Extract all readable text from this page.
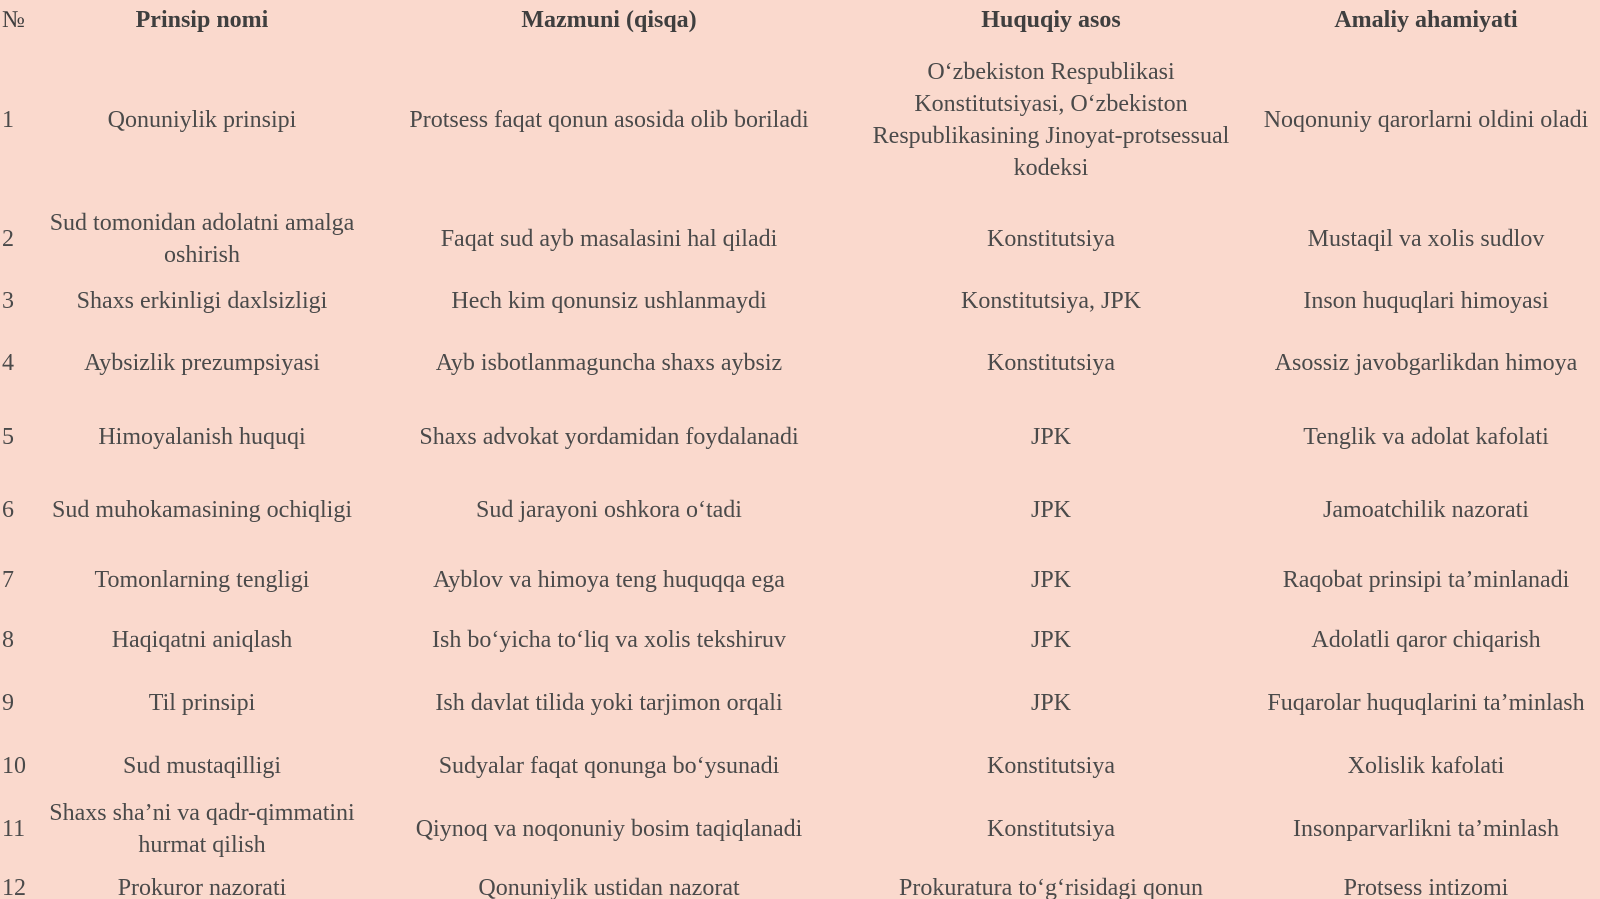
№	Prinsip nomi	Mazmuni (qisqa)	Huquqiy asos	Amaliy ahamiyati
1	Qonuniylik prinsipi	Protsess faqat qonun asosida olib boriladi	O‘zbekiston Respublikasi Konstitutsiyasi, O‘zbekiston Respublikasining Jinoyat-protsessual kodeksi	Noqonuniy qarorlarni oldini oladi
2	Sud tomonidan adolatni amalga oshirish	Faqat sud ayb masalasini hal qiladi	Konstitutsiya	Mustaqil va xolis sudlov
3	Shaxs erkinligi daxlsizligi	Hech kim qonunsiz ushlanmaydi	Konstitutsiya, JPK	Inson huquqlari himoyasi
4	Aybsizlik prezumpsiyasi	Ayb isbotlanmaguncha shaxs aybsiz	Konstitutsiya	Asossiz javobgarlikdan himoya
5	Himoyalanish huquqi	Shaxs advokat yordamidan foydalanadi	JPK	Tenglik va adolat kafolati
6	Sud muhokamasining ochiqligi	Sud jarayoni oshkora o‘tadi	JPK	Jamoatchilik nazorati
7	Tomonlarning tengligi	Ayblov va himoya teng huquqqa ega	JPK	Raqobat prinsipi ta’minlanadi
8	Haqiqatni aniqlash	Ish bo‘yicha to‘liq va xolis tekshiruv	JPK	Adolatli qaror chiqarish
9	Til prinsipi	Ish davlat tilida yoki tarjimon orqali	JPK	Fuqarolar huquqlarini ta’minlash
10	Sud mustaqilligi	Sudyalar faqat qonunga bo‘ysunadi	Konstitutsiya	Xolislik kafolati
11	Shaxs sha’ni va qadr-qimmatini hurmat qilish	Qiynoq va noqonuniy bosim taqiqlanadi	Konstitutsiya	Insonparvarlikni ta’minlash
12	Prokuror nazorati	Qonuniylik ustidan nazorat	Prokuratura to‘g‘risidagi qonun	Protsess intizomi
